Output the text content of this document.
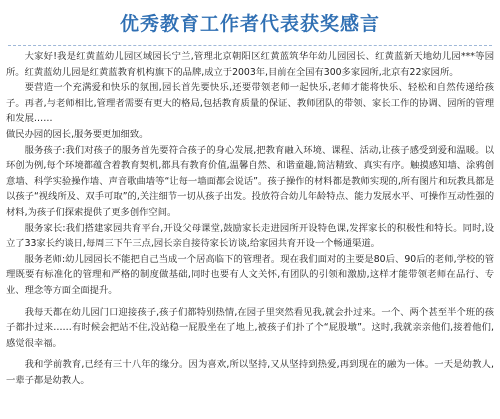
优秀教育工作者代表获奖感言

大家好!我是红黄蓝幼儿园区域园长宁兰,管理北京朝阳区红黄蓝筑华年幼儿园园长、红黄蓝新天地幼儿园***等园所。红黄蓝幼儿园是红黄蓝教育机构旗下的品牌,成立于2003年,目前在全国有300多家园所,北京有22家园所。

要营造一个充满爱和快乐的氛围,园长首先要快乐,还要带领老师一起快乐,老师才能将快乐、轻松和自然传递给孩子。再者,与老师相比,管理者需要有更大的格局,包括教育质量的保证、教师团队的带领、家长工作的协调、园所的管理和发展……

做民办园的园长,服务要更加细致。

服务孩子:我们对孩子的服务首先要符合孩子的身心发展,把教育融入环境、课程、活动,让孩子感受到爱和温暖。以环创为例,每个环境都蕴含着教育契机,都具有教育价值,温馨自然、和谐童趣,简洁精致、真实有序。触摸感知墙、涂鸦创意墙、科学实验操作墙、声音歌曲墙等“让每一墙面都会说话”。孩子操作的材料都是教师实现的,所有图片和玩教具都是以孩子“视线所及、双手可取”的,关注细节一切从孩子出发。投放符合幼儿年龄特点、能力发展水平、可操作互动性强的材料,为孩子们探索提供了更多创作空间。

服务家长:我们搭建家园共育平台,开设父母课堂,鼓励家长走进园所开设特色课,发挥家长的积极性和特长。同时,设立了33家长约谈日,每周三下午三点,园长亲自接待家长访谈,给家园共育开设一个畅通渠道。

服务老师:幼儿园园长不能把自己当成一个居高临下的管理者。现在我们面对的主要是80后、90后的老师,学校的管理既要有标准化的管理和严格的制度做基础,同时也要有人文关怀,有团队的引领和激励,这样才能带领老师在品行、专业、理念等方面全面提升。

我每天都在幼儿园门口迎接孩子,孩子们都特别热情,在园子里突然看见我,就会扑过来。一个、两个甚至半个班的孩子都扑过来……有时候会把站不住,没站稳一屁股坐在了地上,被孩子们扑了个“屁股墩”。这时,我就亲亲他们,接着他们,感觉很幸福。

我和学前教育,已经有三十八年的缘分。因为喜欢,所以坚持,又从坚持到热爱,再到现在的融为一体。一天是幼教人,一辈子都是幼教人。
